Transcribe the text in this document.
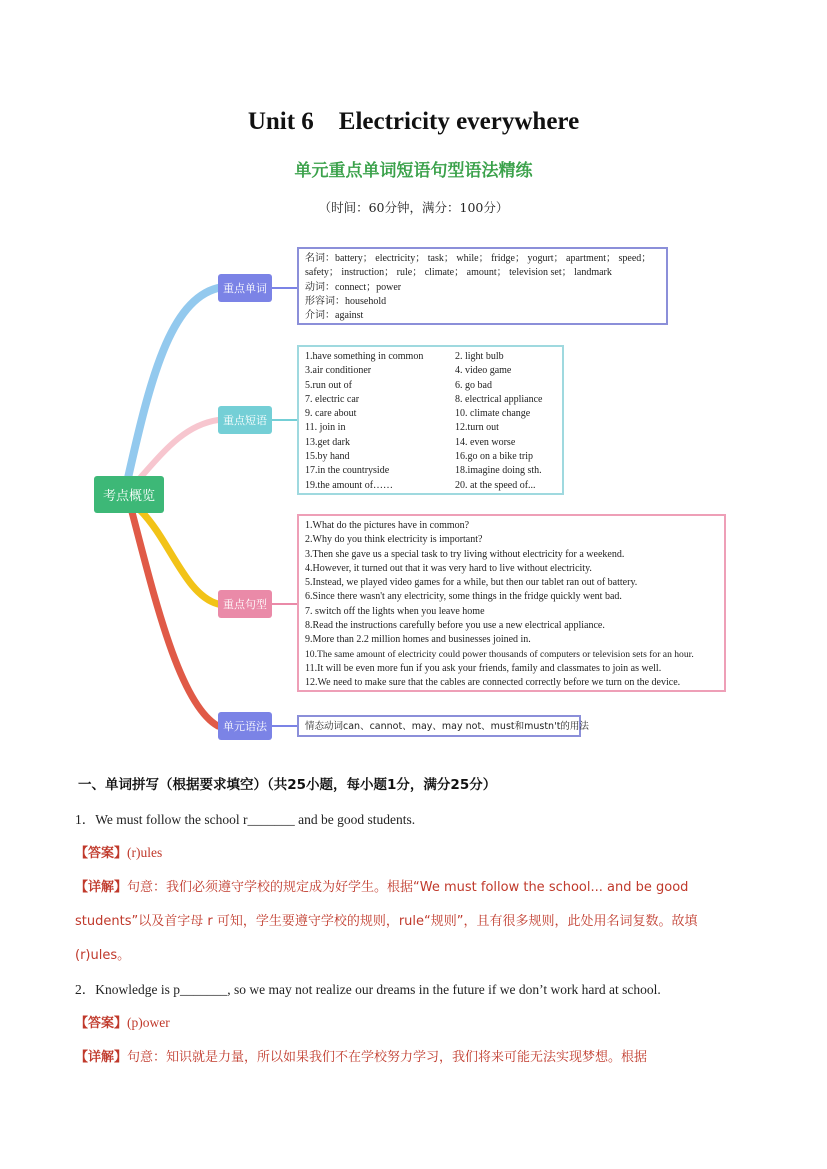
Unit 6    Electricity everywhere
单元重点单词短语句型语法精练
（时间：60分钟，满分：100分）
考点概览
重点单词
重点短语
重点句型
单元语法
名词：battery； electricity； task； while； fridge； yogurt； apartment； speed；
safety； instruction； rule； climate； amount； television set； landmark
动词：connect；power
形容词：household
介词：against
1.have something in common
3.air conditioner
5.run out of
7. electric car
9. care about
11. join in
13.get dark
15.by hand
17.in the countryside
19.the amount of……
2. light bulb
4. video game
6. go bad
8. electrical appliance
10. climate change
12.turn out
14. even worse
16.go on a bike trip
18.imagine doing sth.
20. at the speed of...
1.What do the pictures have in common?
2.Why do you think electricity is important?
3.Then she gave us a special task to try living without electricity for a weekend.
4.However, it turned out that it was very hard to live without electricity.
5.Instead, we played video games for a while, but then our tablet ran out of battery.
6.Since there wasn't any electricity, some things in the fridge quickly went bad.
7. switch off the lights when you leave home
8.Read the instructions carefully before you use a new electrical appliance.
9.More than 2.2 million homes and businesses joined in.
10.The same amount of electricity could power thousands of computers or television sets for an hour.
11.It will be even more fun if you ask your friends, family and classmates to join as well.
12.We need to make sure that the cables are connected correctly before we turn on the device.
情态动词can、cannot、may、may not、must和mustn't的用法
一、单词拼写（根据要求填空）（共25小题，每小题1分，满分25分）
1．We must follow the school r_______ and be good students.
【答案】(r)ules
【详解】句意：我们必须遵守学校的规定成为好学生。根据“We must follow the school... and be good
students”以及首字母 r 可知，学生要遵守学校的规则，rule“规则”，且有很多规则，此处用名词复数。故填
(r)ules。
2．Knowledge is p_______, so we may not realize our dreams in the future if we don’t work hard at school.
【答案】(p)ower
【详解】句意：知识就是力量，所以如果我们不在学校努力学习，我们将来可能无法实现梦想。根据
